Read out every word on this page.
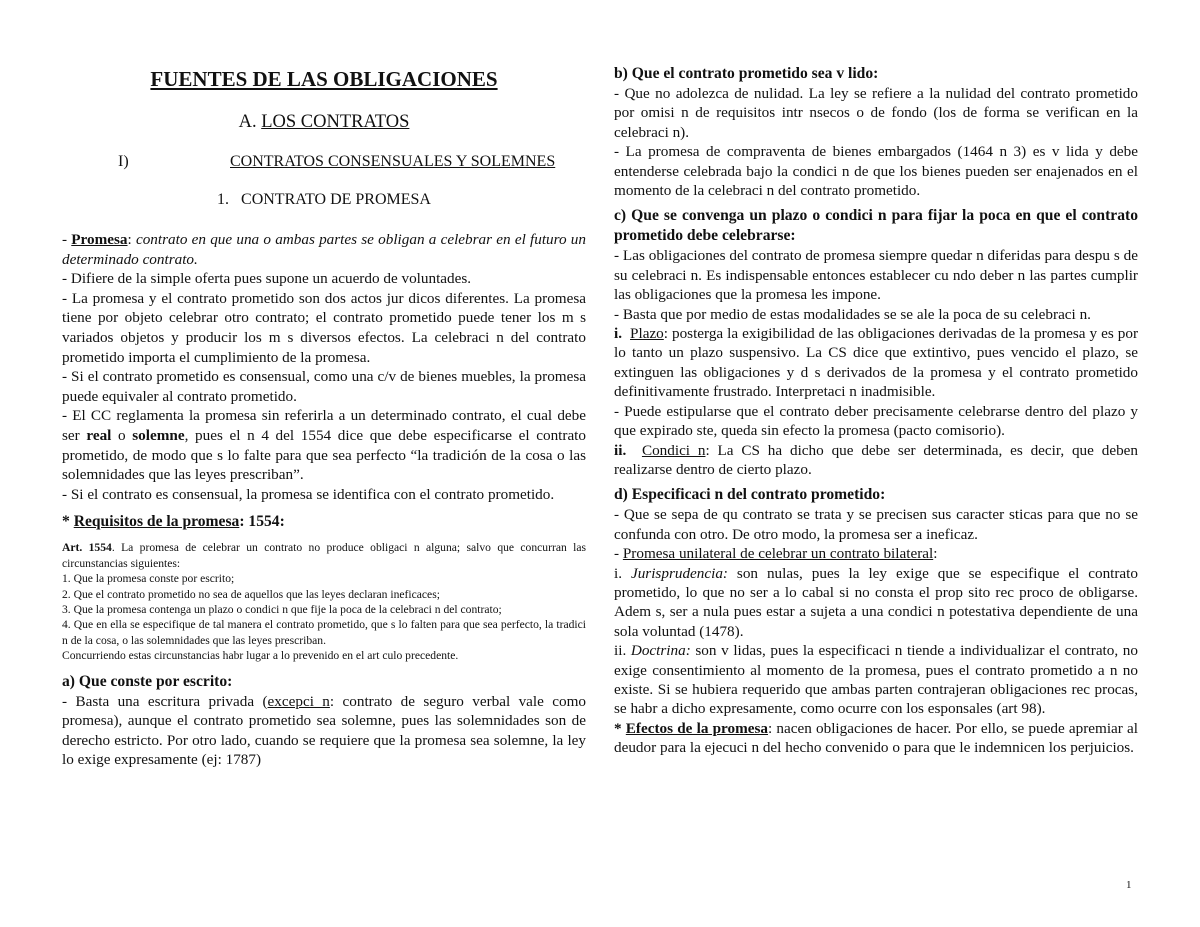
FUENTES DE LAS OBLIGACIONES
A. LOS CONTRATOS
I)	CONTRATOS CONSENSUALES Y SOLEMNES
1. CONTRATO DE PROMESA

- Promesa: contrato en que una o ambas partes se obligan a celebrar en el futuro un determinado contrato.

- Difiere de la simple oferta pues supone un acuerdo de voluntades.

- La promesa y el contrato prometido son dos actos jur dicos diferentes. La promesa tiene por objeto celebrar otro contrato; el contrato prometido puede tener los m s variados objetos y producir los m s diversos efectos. La celebraci n del contrato prometido importa el cumplimiento de la promesa.

- Si el contrato prometido es consensual, como una c/v de bienes muebles, la promesa puede equivaler al contrato prometido.

- El CC reglamenta la promesa sin referirla a un determinado contrato, el cual debe ser real o solemne, pues el n 4 del 1554 dice que debe especificarse el contrato prometido, de modo que s lo falte para que sea perfecto “la tradición de la cosa o las solemnidades que las leyes prescriban”.

- Si el contrato es consensual, la promesa se identifica con el contrato prometido.

* Requisitos de la promesa: 1554:

Art. 1554. La promesa de celebrar un contrato no produce obligaci n alguna; salvo que concurran las circunstancias siguientes:

1. Que la promesa conste por escrito;

2. Que el contrato prometido no sea de aquellos que las leyes declaran ineficaces;

3. Que la promesa contenga un plazo o condici n que fije la poca de la celebraci n del contrato;

4. Que en ella se especifique de tal manera el contrato prometido, que s lo falten para que sea perfecto, la tradici n de la cosa, o las solemnidades que las leyes prescriban.

Concurriendo estas circunstancias habr lugar a lo prevenido en el art culo precedente.

a) Que conste por escrito:

- Basta una escritura privada (excepci n: contrato de seguro verbal vale como promesa), aunque el contrato prometido sea solemne, pues las solemnidades son de derecho estricto. Por otro lado, cuando se requiere que la promesa sea solemne, la ley lo exige expresamente (ej: 1787)

b) Que el contrato prometido sea v lido:

- Que no adolezca de nulidad. La ley se refiere a la nulidad del contrato prometido por omisi n de requisitos intr nsecos o de fondo (los de forma se verifican en la celebraci n).

- La promesa de compraventa de bienes embargados (1464 n 3) es v lida y debe entenderse celebrada bajo la condici n de que los bienes pueden ser enajenados en el momento de la celebraci n del contrato prometido.

c) Que se convenga un plazo o condici n para fijar la poca en que el contrato prometido debe celebrarse:

- Las obligaciones del contrato de promesa siempre quedar n diferidas para despu s de su celebraci n. Es indispensable entonces establecer cu ndo deber n las partes cumplir las obligaciones que la promesa les impone.

- Basta que por medio de estas modalidades se se ale la poca de su celebraci n.

i. Plazo: posterga la exigibilidad de las obligaciones derivadas de la promesa y es por lo tanto un plazo suspensivo. La CS dice que extintivo, pues vencido el plazo, se extinguen las obligaciones y d s derivados de la promesa y el contrato prometido definitivamente frustrado. Interpretaci n inadmisible.

- Puede estipularse que el contrato deber precisamente celebrarse dentro del plazo y que expirado ste, queda sin efecto la promesa (pacto comisorio).

ii. Condici n: La CS ha dicho que debe ser determinada, es decir, que deben realizarse dentro de cierto plazo.

d) Especificaci n del contrato prometido:

- Que se sepa de qu contrato se trata y se precisen sus caracter sticas para que no se confunda con otro. De otro modo, la promesa ser a ineficaz.

- Promesa unilateral de celebrar un contrato bilateral:

i. Jurisprudencia: son nulas, pues la ley exige que se especifique el contrato prometido, lo que no ser a lo cabal si no consta el prop sito rec proco de obligarse. Adem s, ser a nula pues estar a sujeta a una condici n potestativa dependiente de una sola voluntad (1478).

ii. Doctrina: son v lidas, pues la especificaci n tiende a individualizar el contrato, no exige consentimiento al momento de la promesa, pues el contrato prometido a n no existe. Si se hubiera requerido que ambas parten contrajeran obligaciones rec procas, se habr a dicho expresamente, como ocurre con los esponsales (art 98).

* Efectos de la promesa: nacen obligaciones de hacer. Por ello, se puede apremiar al deudor para la ejecuci n del hecho convenido o para que le indemnicen los perjuicios.

1
